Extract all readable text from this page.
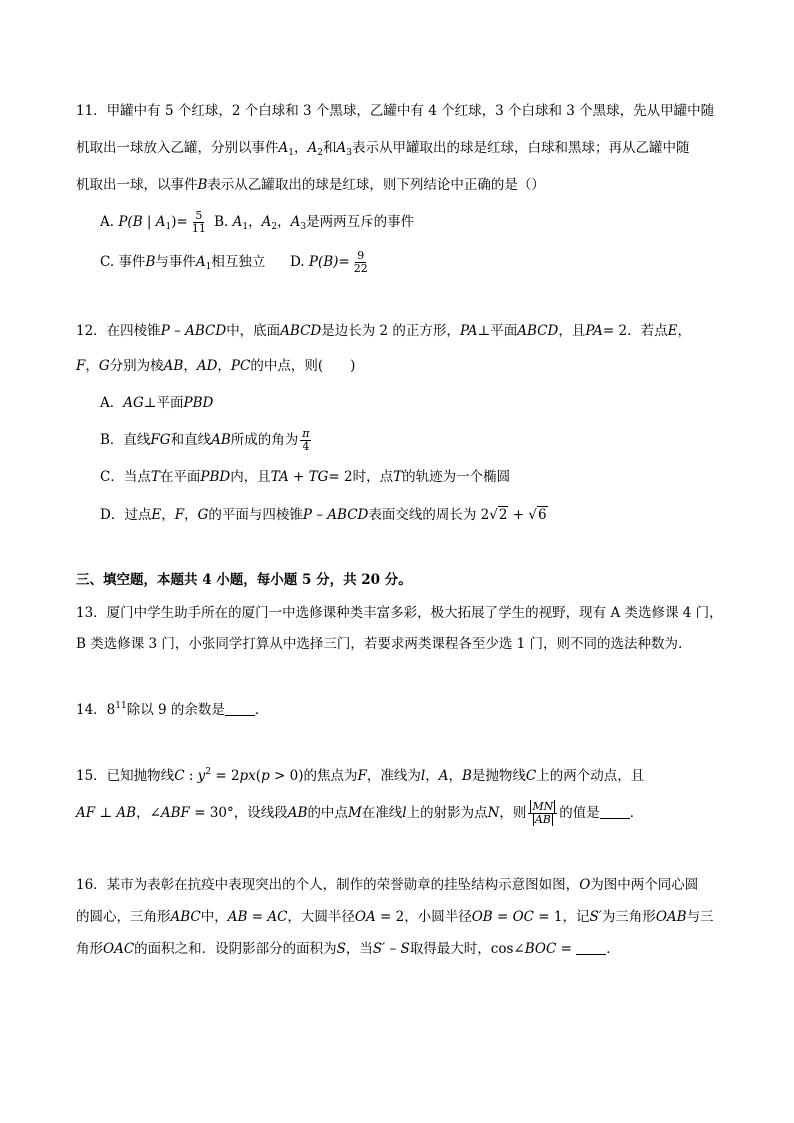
11．甲罐中有 5 个红球，2 个白球和 3 个黑球，乙罐中有 4 个红球，3 个白球和 3 个黑球，先从甲罐中随
机取出一球放入乙罐，分别以事件$A_1$，$A_2$和$A_3$表示从甲罐取出的球是红球，白球和黑球；再从乙罐中随
机取出一球，以事件B表示从乙罐取出的球是红球，则下列结论中正确的是（）
A. P(B | $A_1)= \frac{5}{11} B$. $A_1$，$A_2$，$A_3$是两两互斥的事件
C. 事件B与事件$A_1$相互独立 D. $P(B)= \frac{9}{22}$
12．在四棱锥P – ABCD中，底面ABCD是边长为 2 的正方形，PA⊥平面ABCD，且PA= 2．若点E，
F，G分别为棱AB，AD，PC的中点，则(　　)
A．AG⊥平面PBD
B．直线FG和直线AB所成的角为 $\frac{\pi}{4}$
C．当点T在平面PBD内，且TA + TG= 2时，点T的轨迹为一个椭圆
D．过点E，F，G的平面与四棱锥P – ABCD表面交线的周长为 2√2 + √6
三、填空题，本题共 4 小题，每小题 5 分，共 20 分。
13．厦门中学生助手所在的厦门一中选修课种类丰富多彩，极大拓展了学生的视野，现有 A 类选修课 4 门，
B 类选修课 3 门，小张同学打算从中选择三门，若要求两类课程各至少选 1 门，则不同的选法种数为.
14．$8^{11}$除以 9 的余数是 ．
15．已知抛物线C : $y^2 = 2px(p > 0)$的焦点为F，准线为l，A，B是抛物线C上的两个动点，且
AF ⊥ AB，∠ABF = 30°，设线段AB的中点M在准线l上的射影为点N，则 $\frac{MN}{AB}$ 的值是 ．
16．某市为表彰在抗疫中表现突出的个人，制作的荣誉勋章的挂坠结构示意图如图，O为图中两个同心圆
的圆心，三角形ABC中，AB = AC，大圆半径OA = 2，小圆半径OB = OC = 1，记S′为三角形OAB与三
角形OAC的面积之和．设阴影部分的面积为S，当S′ – S取得最大时，cos∠BOC = ．
